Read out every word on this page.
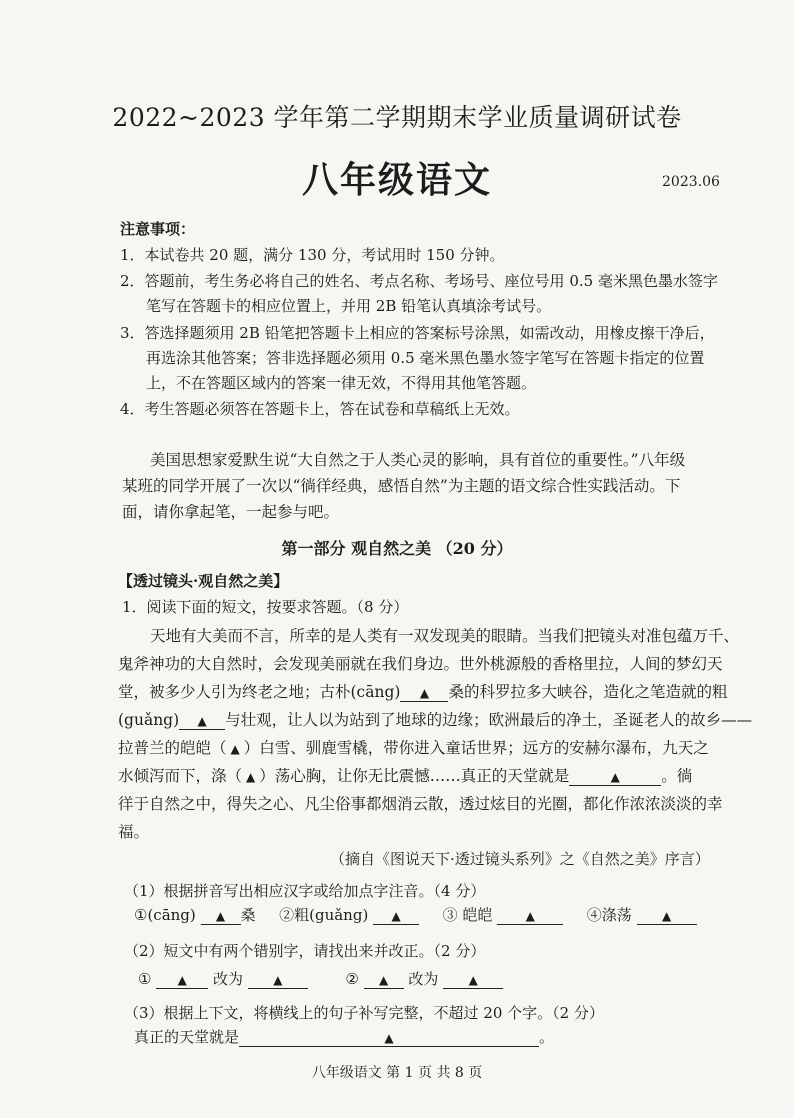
2022~2023 学年第二学期期末学业质量调研试卷
八年级语文	2023.06
注意事项：
1．本试卷共 20 题，满分 130 分，考试用时 150 分钟。
2．答题前，考生务必将自己的姓名、考点名称、考场号、座位号用 0.5 毫米黑色墨水签字
笔写在答题卡的相应位置上，并用 2B 铅笔认真填涂考试号。
3．答选择题须用 2B 铅笔把答题卡上相应的答案标号涂黑，如需改动，用橡皮擦干净后，
再选涂其他答案；答非选择题必须用 0.5 毫米黑色墨水签字笔写在答题卡指定的位置
上，不在答题区域内的答案一律无效，不得用其他笔答题。
4．考生答题必须答在答题卡上，答在试卷和草稿纸上无效。
美国思想家爱默生说“大自然之于人类心灵的影响，具有首位的重要性。”八年级
某班的同学开展了一次以“徜徉经典，感悟自然”为主题的语文综合性实践活动。下
面，请你拿起笔，一起参与吧。
第一部分 观自然之美 （20 分）
【透过镜头·观自然之美】
1．阅读下面的短文，按要求答题。（8 分）
天地有大美而不言，所幸的是人类有一双发现美的眼睛。当我们把镜头对准包蕴万千、
鬼斧神功的大自然时，会发现美丽就在我们身边。世外桃源般的香格里拉，人间的梦幻天
堂，被多少人引为终老之地；古朴(cāng) ▲ 桑的科罗拉多大峡谷，造化之笔造就的粗
(guǎng) ▲ 与壮观，让人以为站到了地球的边缘；欧洲最后的净土，圣诞老人的故乡——
拉普兰的皑皑（ ▲ ）白雪、驯鹿雪橇，带你进入童话世界；远方的安赫尔瀑布，九天之
水倾泻而下，涤（ ▲ ）荡心胸，让你无比震憾……真正的天堂就是	▲	。徜
徉于自然之中，得失之心、凡尘俗事都烟消云散，透过炫目的光圈，都化作浓浓淡淡的幸
福。
（摘自《图说天下·透过镜头系列》之《自然之美》序言）
（1）根据拼音写出相应汉字或给加点字注音。（4 分）
①(cāng) ▲ 桑 ②粗(guǎng) ▲	③ 皑皑	▲	④涤荡	▲
（2）短文中有两个错别字，请找出来并改正。（2 分）
① ▲ 改为	▲	② ▲ 改为	▲
（3）根据上下文，将横线上的句子补写完整，不超过 20 个字。（2 分）
真正的天堂就是	▲	。
八年级语文 第 1 页 共 8 页
